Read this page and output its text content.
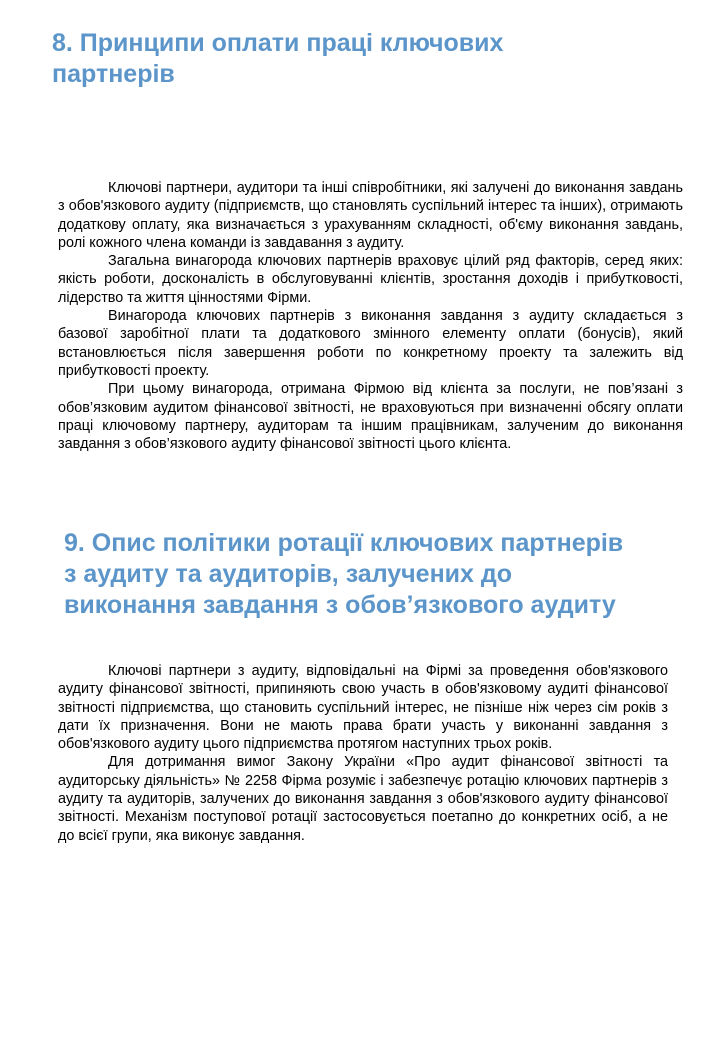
8. Принципи оплати праці ключових
партнерів

Ключові партнери, аудитори та інші співробітники, які залучені до виконання завдань з обов'язкового аудиту (підприємств, що становлять суспільний інтерес та інших), отримають додаткову оплату, яка визначається з урахуванням складності, об'єму виконання завдань, ролі кожного члена команди із завдавання з аудиту.

Загальна винагорода ключових партнерів враховує цілий ряд факторів, серед яких: якість роботи, досконалість в обслуговуванні клієнтів, зростання доходів і прибутковості, лідерство та життя цінностями Фірми.

Винагорода ключових партнерів з виконання завдання з аудиту складається з базової заробітної плати та додаткового змінного елементу оплати (бонусів), який встановлюється після завершення роботи по конкретному проекту та залежить від прибутковості проекту.

При цьому винагорода, отримана Фірмою від клієнта за послуги, не пов’язані з обов’язковим аудитом фінансової звітності, не враховуються при визначенні обсягу оплати праці ключовому партнеру, аудиторам та іншим працівникам, залученим до виконання завдання з обов’язкового аудиту фінансової звітності цього клієнта.

9. Опис політики ротації ключових партнерів
з аудиту та аудиторів, залучених до
виконання завдання з обов’язкового аудиту

Ключові партнери з аудиту, відповідальні на Фірмі за проведення обов'язкового аудиту фінансової звітності, припиняють свою участь в обов'язковому аудиті фінансової звітності підприємства, що становить суспільний інтерес, не пізніше ніж через сім років з дати їх призначення. Вони не мають права брати участь у виконанні завдання з обов'язкового аудиту цього підприємства протягом наступних трьох років.

Для дотримання вимог Закону України «Про аудит фінансової звітності та аудиторську діяльність» № 2258 Фірма розуміє і забезпечує ротацію ключових партнерів з аудиту та аудиторів, залучених до виконання завдання з обов'язкового аудиту фінансової звітності. Механізм поступової ротації застосовується поетапно до конкретних осіб, а не до всієї групи, яка виконує завдання.
